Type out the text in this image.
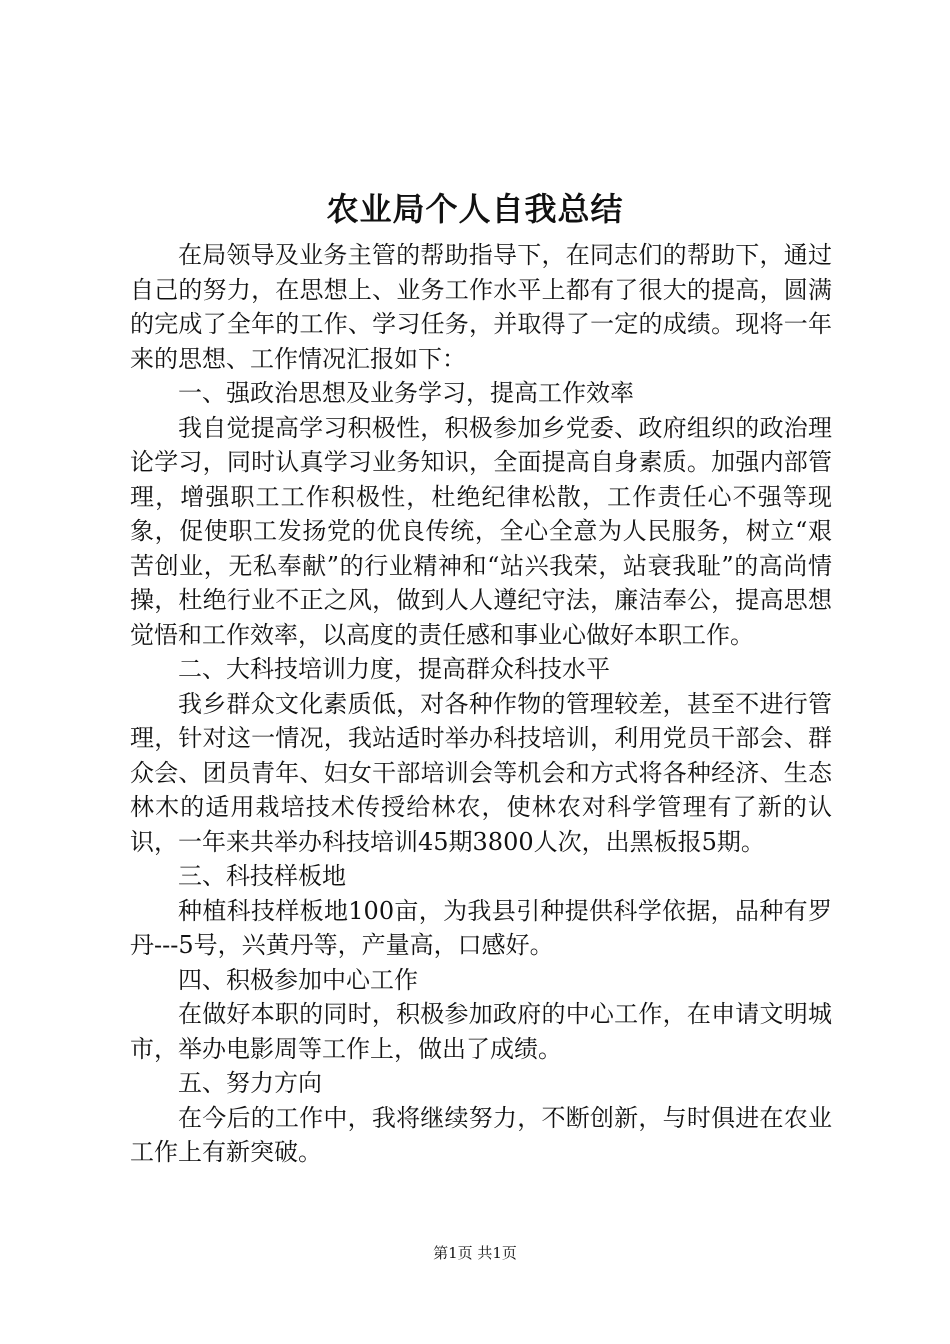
农业局个人自我总结

在局领导及业务主管的帮助指导下，在同志们的帮助下，通过自己的努力，在思想上、业务工作水平上都有了很大的提高，圆满的完成了全年的工作、学习任务，并取得了一定的成绩。现将一年来的思想、工作情况汇报如下：

一、强政治思想及业务学习，提高工作效率

我自觉提高学习积极性，积极参加乡党委、政府组织的政治理论学习，同时认真学习业务知识，全面提高自身素质。加强内部管理，增强职工工作积极性，杜绝纪律松散，工作责任心不强等现象，促使职工发扬党的优良传统，全心全意为人民服务，树立“艰苦创业，无私奉献”的行业精神和“站兴我荣，站衰我耻”的高尚情操，杜绝行业不正之风，做到人人遵纪守法，廉洁奉公，提高思想觉悟和工作效率，以高度的责任感和事业心做好本职工作。

二、大科技培训力度，提高群众科技水平

我乡群众文化素质低，对各种作物的管理较差，甚至不进行管理，针对这一情况，我站适时举办科技培训，利用党员干部会、群众会、团员青年、妇女干部培训会等机会和方式将各种经济、生态林木的适用栽培技术传授给林农，使林农对科学管理有了新的认识，一年来共举办科技培训45期3800人次，出黑板报5期。

三、科技样板地

种植科技样板地100亩，为我县引种提供科学依据，品种有罗丹---5号，兴黄丹等，产量高，口感好。

四、积极参加中心工作

在做好本职的同时，积极参加政府的中心工作，在申请文明城市，举办电影周等工作上，做出了成绩。

五、努力方向

在今后的工作中，我将继续努力，不断创新，与时俱进在农业工作上有新突破。

第1页 共1页
